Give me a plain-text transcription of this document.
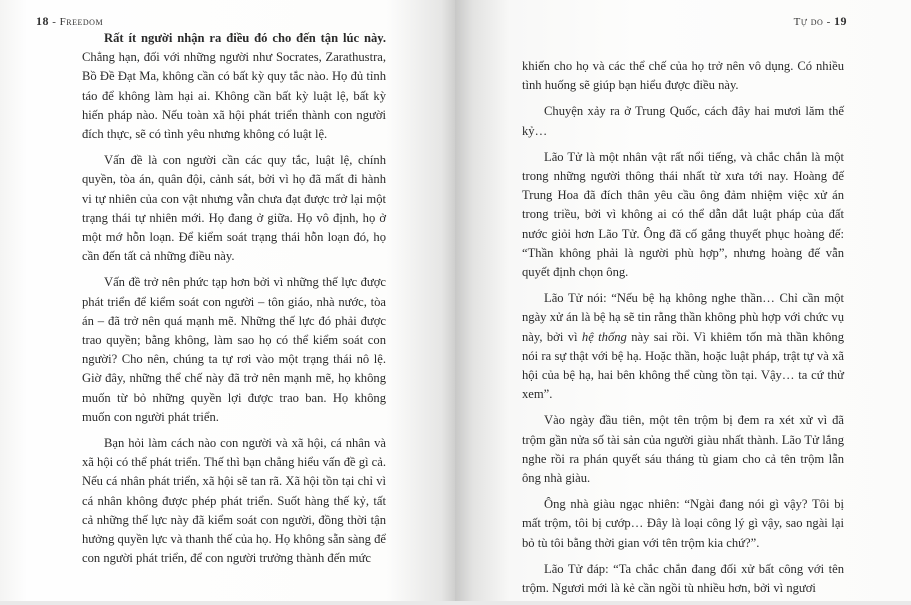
18 - Freedom

Rất ít người nhận ra điều đó cho đến tận lúc này. Chẳng hạn, đối với những người như Socrates, Zarathustra, Bồ Đề Đạt Ma, không cần có bất kỳ quy tắc nào. Họ đủ tỉnh táo để không làm hại ai. Không cần bất kỳ luật lệ, bất kỳ hiến pháp nào. Nếu toàn xã hội phát triển thành con người đích thực, sẽ có tình yêu nhưng không có luật lệ.

Vấn đề là con người cần các quy tắc, luật lệ, chính quyền, tòa án, quân đội, cảnh sát, bởi vì họ đã mất đi hành vi tự nhiên của con vật nhưng vẫn chưa đạt được trở lại một trạng thái tự nhiên mới. Họ đang ở giữa. Họ vô định, họ ở một mớ hỗn loạn. Để kiểm soát trạng thái hỗn loạn đó, họ cần đến tất cả những điều này.

Vấn đề trở nên phức tạp hơn bởi vì những thế lực được phát triển để kiểm soát con người – tôn giáo, nhà nước, tòa án – đã trở nên quá mạnh mẽ. Những thế lực đó phải được trao quyền; bằng không, làm sao họ có thể kiểm soát con người? Cho nên, chúng ta tự rơi vào một trạng thái nô lệ. Giờ đây, những thể chế này đã trở nên mạnh mẽ, họ không muốn từ bỏ những quyền lợi được trao ban. Họ không muốn con người phát triển.

Bạn hỏi làm cách nào con người và xã hội, cá nhân và xã hội có thể phát triển. Thế thì bạn chẳng hiểu vấn đề gì cả. Nếu cá nhân phát triển, xã hội sẽ tan rã. Xã hội tồn tại chỉ vì cá nhân không được phép phát triển. Suốt hàng thế kỷ, tất cả những thế lực này đã kiểm soát con người, đồng thời tận hưởng quyền lực và thanh thế của họ. Họ không sẵn sàng để con người phát triển, để con người trưởng thành đến mức

Tự do - 19

khiến cho họ và các thể chế của họ trở nên vô dụng. Có nhiều tình huống sẽ giúp bạn hiểu được điều này.

Chuyện xảy ra ở Trung Quốc, cách đây hai mươi lăm thế kỷ…

Lão Tử là một nhân vật rất nổi tiếng, và chắc chắn là một trong những người thông thái nhất từ xưa tới nay. Hoàng đế Trung Hoa đã đích thân yêu cầu ông đảm nhiệm việc xử án trong triều, bởi vì không ai có thể dẫn dắt luật pháp của đất nước giỏi hơn Lão Tử. Ông đã cố gắng thuyết phục hoàng đế: “Thần không phải là người phù hợp”, nhưng hoàng đế vẫn quyết định chọn ông.

Lão Tử nói: “Nếu bệ hạ không nghe thần… Chỉ cần một ngày xử án là bệ hạ sẽ tin rằng thần không phù hợp với chức vụ này, bởi vì hệ thống này sai rồi. Vì khiêm tốn mà thần không nói ra sự thật với bệ hạ. Hoặc thần, hoặc luật pháp, trật tự và xã hội của bệ hạ, hai bên không thể cùng tồn tại. Vậy… ta cứ thử xem”.

Vào ngày đầu tiên, một tên trộm bị đem ra xét xử vì đã trộm gần nửa số tài sản của người giàu nhất thành. Lão Tử lắng nghe rồi ra phán quyết sáu tháng tù giam cho cả tên trộm lẫn ông nhà giàu.

Ông nhà giàu ngạc nhiên: “Ngài đang nói gì vậy? Tôi bị mất trộm, tôi bị cướp… Đây là loại công lý gì vậy, sao ngài lại bỏ tù tôi bằng thời gian với tên trộm kia chứ?”.

Lão Tử đáp: “Ta chắc chắn đang đối xử bất công với tên trộm. Ngươi mới là kẻ cần ngồi tù nhiều hơn, bởi vì ngươi
